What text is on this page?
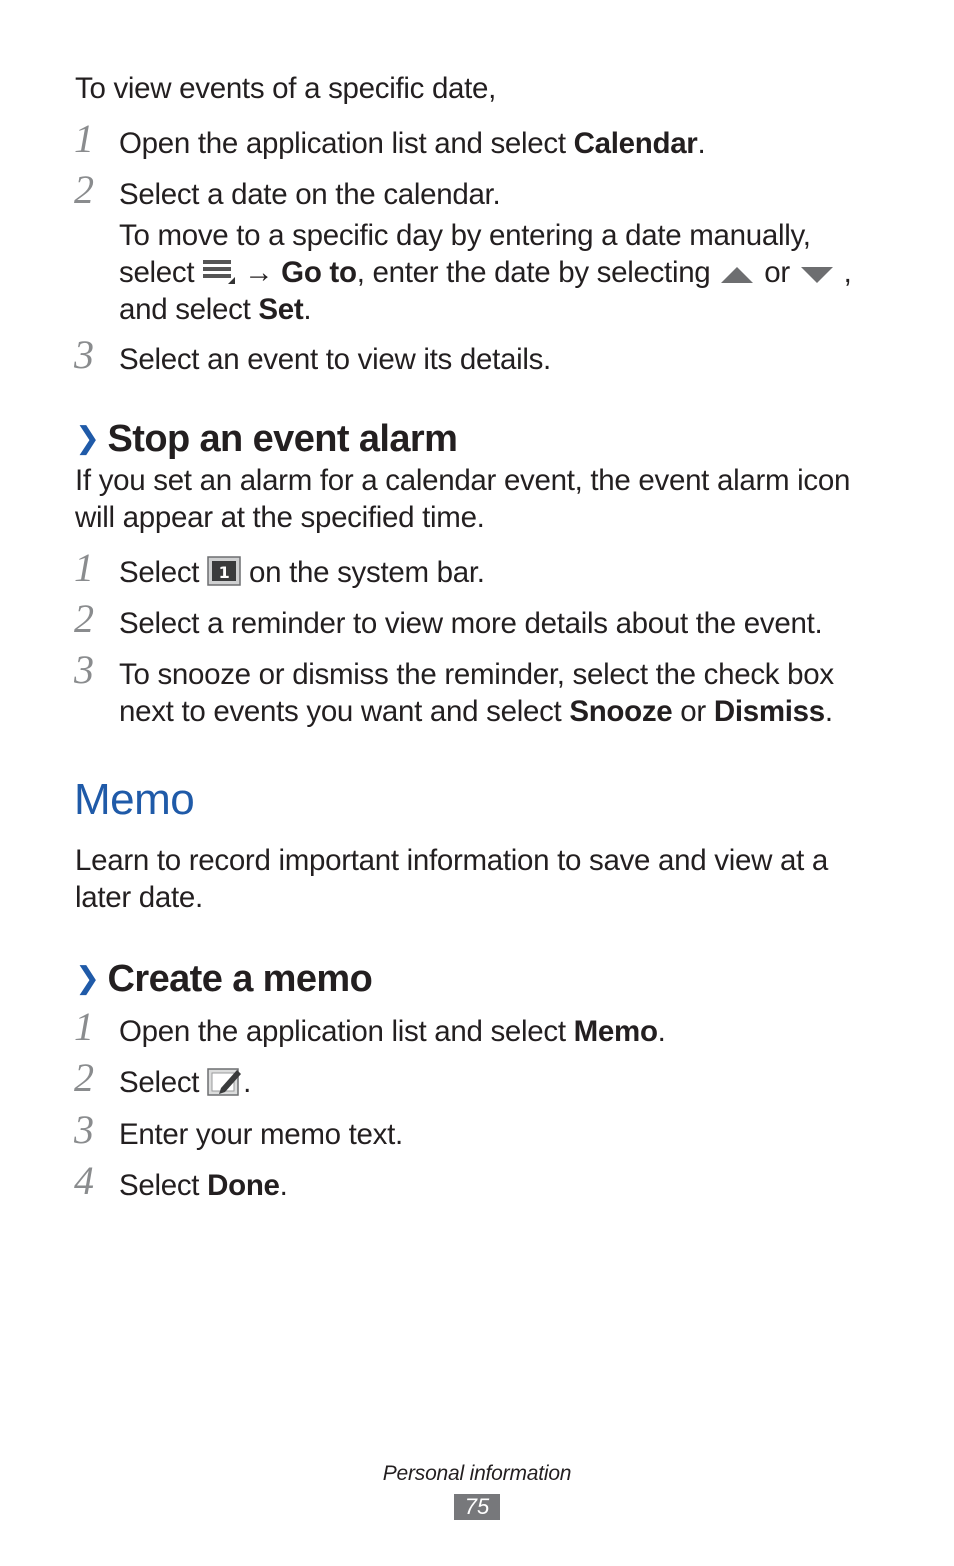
To view events of a specific date,
1 Open the application list and select Calendar.
2 Select a date on the calendar.
To move to a specific day by entering a date manually,
select  → Go to, enter the date by selecting  or  ,
and select Set.
3 Select an event to view its details.
❯ Stop an event alarm
If you set an alarm for a calendar event, the event alarm icon
will appear at the specified time.
1 Select 1 on the system bar.
2 Select a reminder to view more details about the event.
3 To snooze or dismiss the reminder, select the check box
next to events you want and select Snooze or Dismiss.
Memo
Learn to record important information to save and view at a
later date.
❯ Create a memo
1 Open the application list and select Memo.
2 Select .
3 Enter your memo text.
4 Select Done.
Personal information
75
